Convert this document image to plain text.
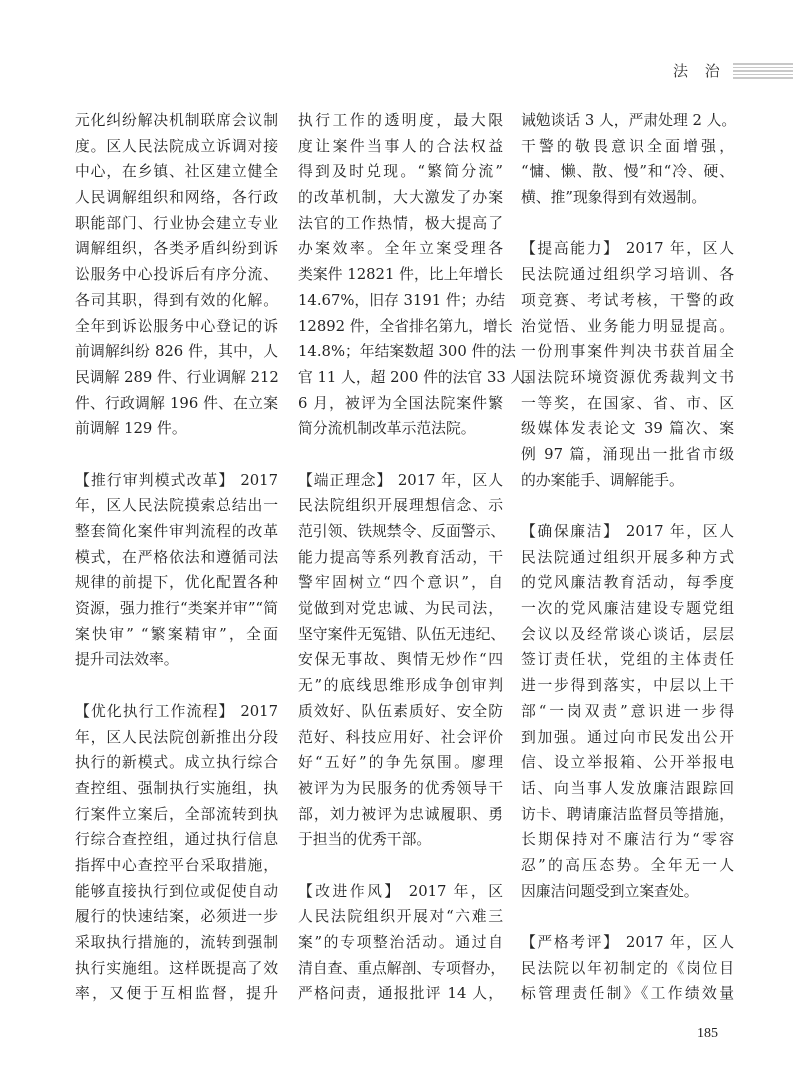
法 治
元化纠纷解决机制联席会议制
度。区人民法院成立诉调对接
中心，在乡镇、社区建立健全
人民调解组织和网络，各行政
职能部门、行业协会建立专业
调解组织，各类矛盾纠纷到诉
讼服务中心投诉后有序分流、
各司其职，得到有效的化解。
全年到诉讼服务中心登记的诉
前调解纠纷 826 件，其中，人
民调解 289 件、行业调解 212
件、行政调解 196 件、在立案
前调解 129 件。
【推行审判模式改革】 2017
年，区人民法院摸索总结出一
整套简化案件审判流程的改革
模式，在严格依法和遵循司法
规律的前提下，优化配置各种
资源，强力推行“类案并审”“简
案快审” “繁案精审”，全面
提升司法效率。
【优化执行工作流程】 2017
年，区人民法院创新推出分段
执行的新模式。成立执行综合
查控组、强制执行实施组，执
行案件立案后，全部流转到执
行综合查控组，通过执行信息
指挥中心查控平台采取措施，
能够直接执行到位或促使自动
履行的快速结案，必须进一步
采取执行措施的，流转到强制
执行实施组。这样既提高了效
率，又便于互相监督，提升
执行工作的透明度，最大限
度让案件当事人的合法权益
得到及时兑现。“繁简分流”
的改革机制，大大激发了办案
法官的工作热情，极大提高了
办案效率。全年立案受理各
类案件 12821 件，比上年增长
14.67%，旧存 3191 件；办结
12892 件，全省排名第九，增长
14.8%；年结案数超 300 件的法
官 11 人，超 200 件的法官 33 人。
6 月，被评为全国法院案件繁
简分流机制改革示范法院。
【端正理念】 2017 年，区人
民法院组织开展理想信念、示
范引领、铁规禁令、反面警示、
能力提高等系列教育活动，干
警牢固树立“四个意识”，自
觉做到对党忠诚、为民司法，
坚守案件无冤错、队伍无违纪、
安保无事故、舆情无炒作“四
无”的底线思维形成争创审判
质效好、队伍素质好、安全防
范好、科技应用好、社会评价
好“五好”的争先氛围。廖理
被评为为民服务的优秀领导干
部，刘力被评为忠诚履职、勇
于担当的优秀干部。
【改进作风】 2017 年，区
人民法院组织开展对“六难三
案”的专项整治活动。通过自
清自查、重点解剖、专项督办，
严格问责，通报批评 14 人，
诫勉谈话 3 人，严肃处理 2 人。
干警的敬畏意识全面增强，
“慵、懒、散、慢”和“冷、硬、
横、推”现象得到有效遏制。
【提高能力】 2017 年，区人
民法院通过组织学习培训、各
项竞赛、考试考核，干警的政
治觉悟、业务能力明显提高。
一份刑事案件判决书获首届全
国法院环境资源优秀裁判文书
一等奖，在国家、省、市、区
级媒体发表论文 39 篇次、案
例 97 篇，涌现出一批省市级
的办案能手、调解能手。
【确保廉洁】 2017 年，区人
民法院通过组织开展多种方式
的党风廉洁教育活动，每季度
一次的党风廉洁建设专题党组
会议以及经常谈心谈话，层层
签订责任状，党组的主体责任
进一步得到落实，中层以上干
部“一岗双责”意识进一步得
到加强。通过向市民发出公开
信、设立举报箱、公开举报电
话、向当事人发放廉洁跟踪回
访卡、聘请廉洁监督员等措施，
长期保持对不廉洁行为“零容
忍”的高压态势。全年无一人
因廉洁问题受到立案查处。
【严格考评】 2017 年，区人
民法院以年初制定的《岗位目
标管理责任制》《工作绩效量
185
